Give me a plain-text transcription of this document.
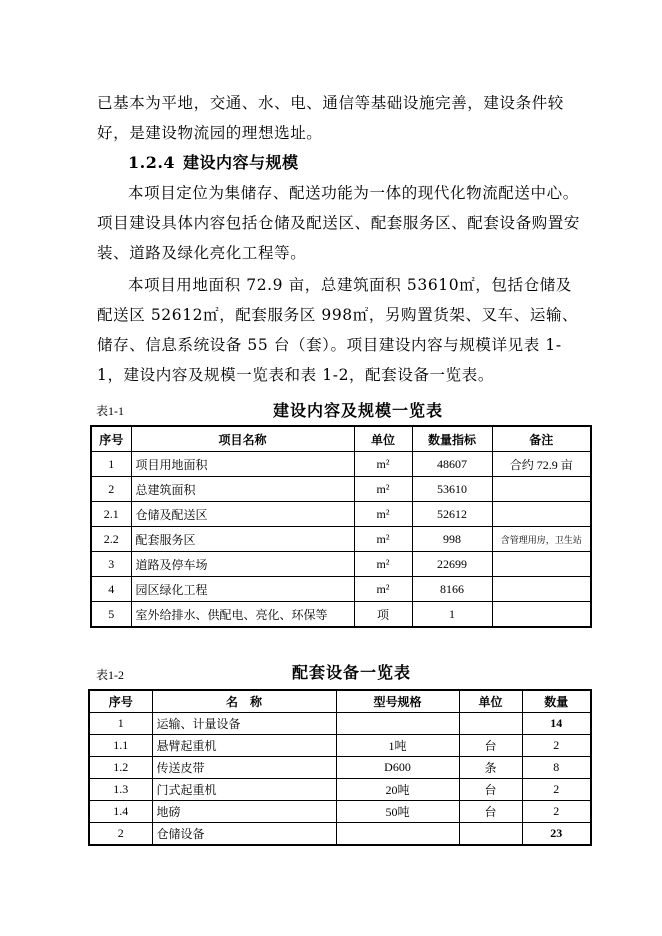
已基本为平地，交通、水、电、通信等基础设施完善，建设条件较好，是建设物流园的理想选址。

1.2.4 建设内容与规模

本项目定位为集储存、配送功能为一体的现代化物流配送中心。项目建设具体内容包括仓储及配送区、配套服务区、配套设备购置安装、道路及绿化亮化工程等。

本项目用地面积 72.9 亩，总建筑面积 53610㎡，包括仓储及配送区 52612㎡，配套服务区 998㎡，另购置货架、叉车、运输、储存、信息系统设备 55 台（套）。项目建设内容与规模详见表 1-1，建设内容及规模一览表和表 1-2，配套设备一览表。

表1-1	建设内容及规模一览表
序号	项目名称	单位	数量指标	备注
1	项目用地面积	m²	48607	合约 72.9 亩
2	总建筑面积	m²	53610	
2.1	仓储及配送区	m²	52612	
2.2	配套服务区	m²	998	含管理用房，卫生站
3	道路及停车场	m²	22699	
4	园区绿化工程	m²	8166	
5	室外给排水、供配电、亮化、环保等	项	1	
表1-2	配套设备一览表
序号	名　称	型号规格	单位	数量
1	运输、计量设备			14
1.1	悬臂起重机	1吨	台	2
1.2	传送皮带	D600	条	8
1.3	门式起重机	20吨	台	2
1.4	地磅	50吨	台	2
2	仓储设备			23
